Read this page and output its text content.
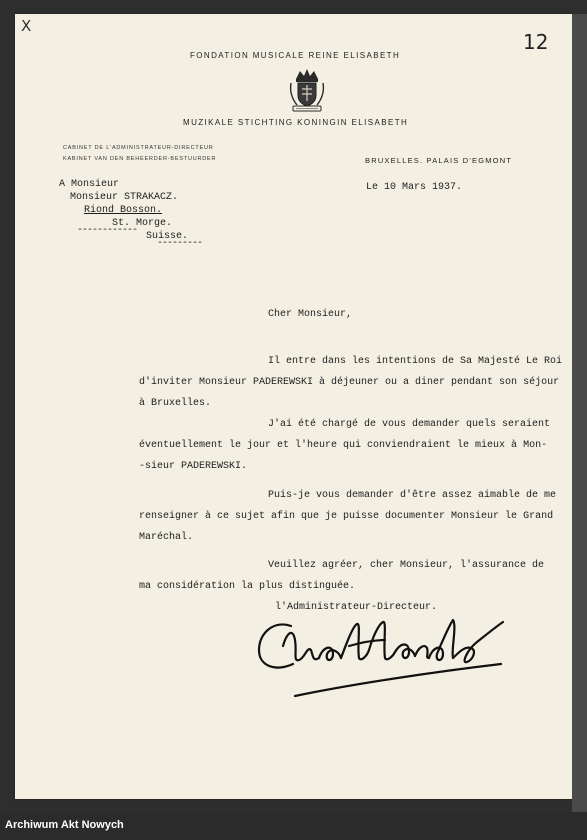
X
12

FONDATION MUSICALE REINE ELISABETH

MUZIKALE STICHTING KONINGIN ELISABETH

CABINET DE L'ADMINISTRATEUR-DIRECTEUR

KABINET VAN DEN BEHEERDER-BESTUURDER	BRUXELLES. PALAIS D'EGMONT

A Monsieur

Monsieur STRAKACZ.

Riond Bosson.

St. Morge.

------------

Suisse.

---------

Le 10 Mars 1937.

Cher Monsieur,

Il entre dans les intentions de Sa Majesté Le Roi

d'inviter Monsieur PADEREWSKI à déjeuner ou a diner pendant son séjour

à Bruxelles.

J'ai été chargé de vous demander quels seraient

éventuellement le jour et l'heure qui conviendraient le mieux à Mon-

-sieur PADEREWSKI.

Puis-je vous demander d'être assez aimable de me

renseigner à ce sujet afin que je puisse documenter Monsieur le Grand

Maréchal.

Veuillez agréer, cher Monsieur, l'assurance de

ma considération la plus distinguée.

l'Administrateur-Directeur.

Archiwum Akt Nowych
